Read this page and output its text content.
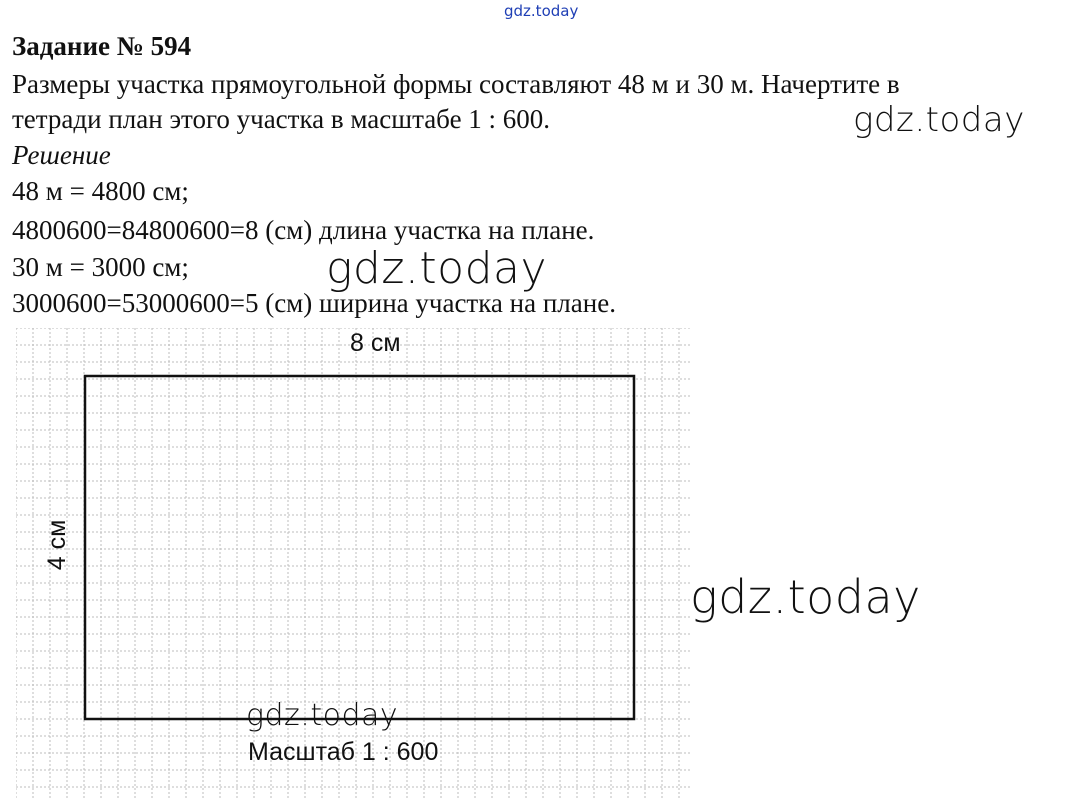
gdz.today
Задание № 594
Размеры участка прямоугольной формы составляют 48 м и 30 м. Начертите в
тетради план этого участка в масштабе 1 : 600.
Решение
48 м = 4800 см;
4800600=84800600=8 (см) длина участка на плане.
30 м = 3000 см;
3000600=53000600=5 (см) ширина участка на плане.
8 см
4 см
Масштаб 1 : 600
gdz.today
gdz.today
gdz.today
gdz.today
